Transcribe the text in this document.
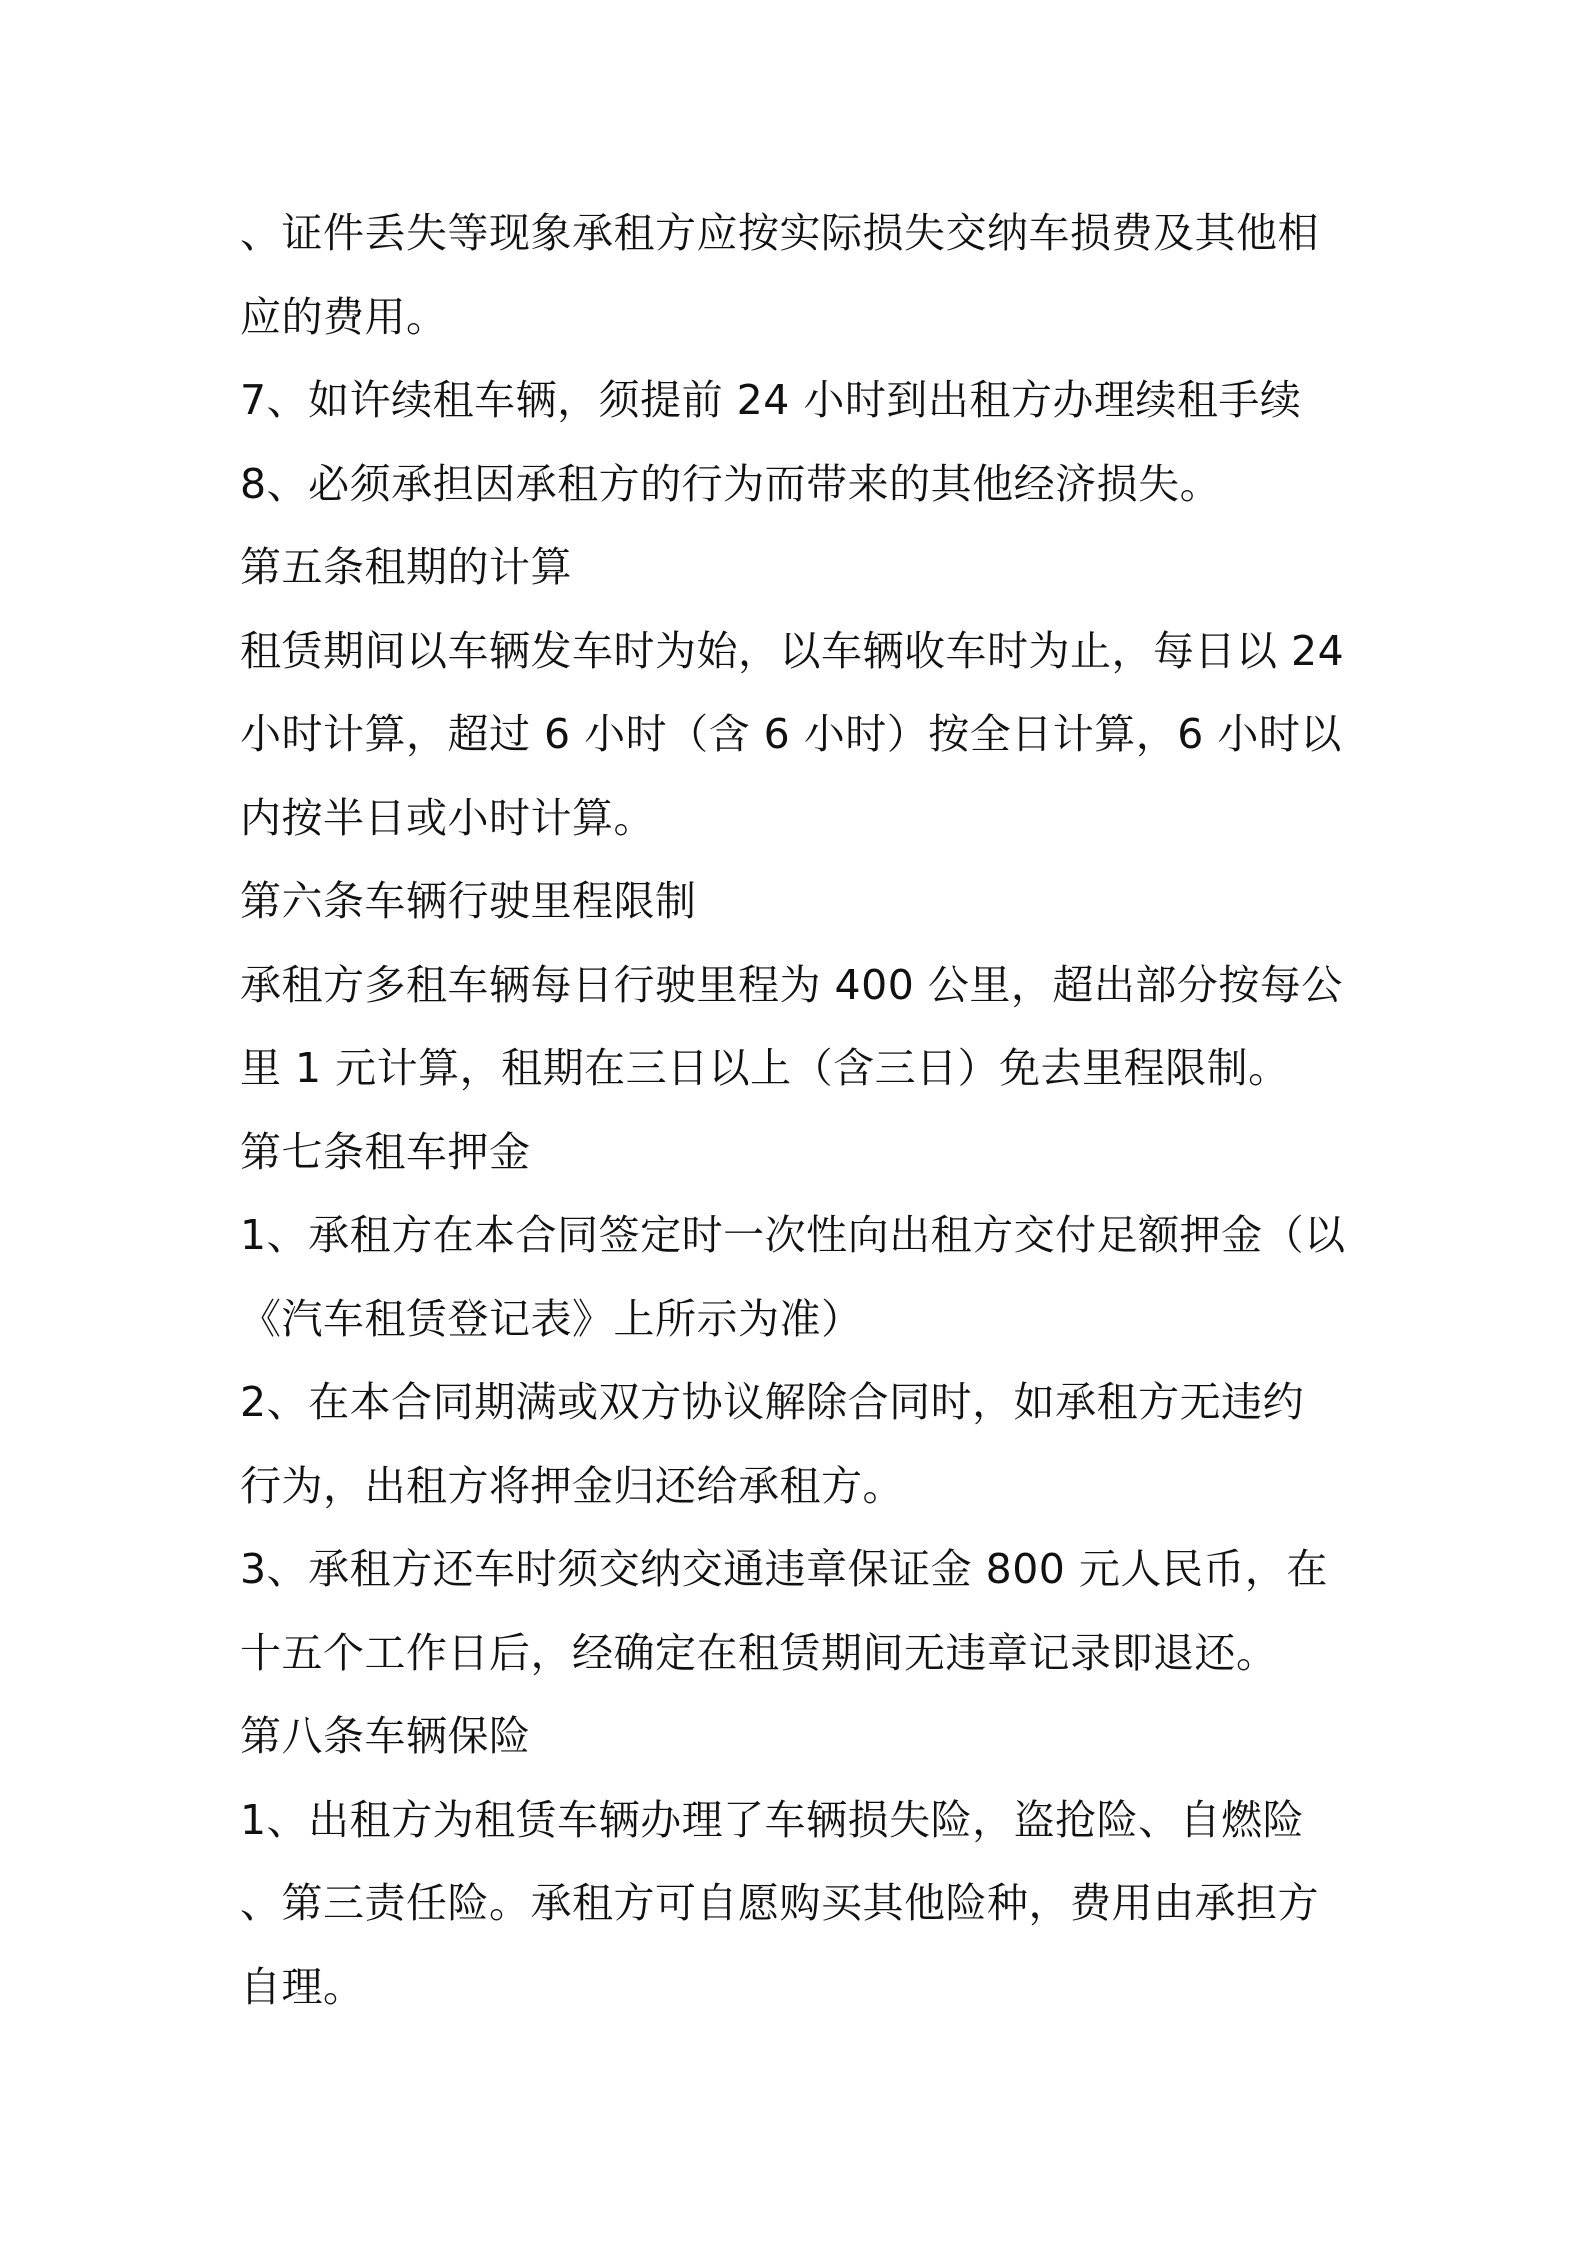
、证件丢失等现象承租方应按实际损失交纳车损费及其他相
应的费用。
7、如许续租车辆，须提前 24 小时到出租方办理续租手续
8、必须承担因承租方的行为而带来的其他经济损失。
第五条租期的计算
租赁期间以车辆发车时为始，以车辆收车时为止，每日以 24
小时计算，超过 6 小时（含 6 小时）按全日计算，6 小时以
内按半日或小时计算。
第六条车辆行驶里程限制
承租方多租车辆每日行驶里程为 400 公里，超出部分按每公
里 1 元计算，租期在三日以上（含三日）免去里程限制。
第七条租车押金
1、承租方在本合同签定时一次性向出租方交付足额押金（以
《汽车租赁登记表》上所示为准）
2、在本合同期满或双方协议解除合同时，如承租方无违约
行为，出租方将押金归还给承租方。
3、承租方还车时须交纳交通违章保证金 800 元人民币，在
十五个工作日后，经确定在租赁期间无违章记录即退还。
第八条车辆保险
1、出租方为租赁车辆办理了车辆损失险，盗抢险、自燃险
、第三责任险。承租方可自愿购买其他险种，费用由承担方
自理。
